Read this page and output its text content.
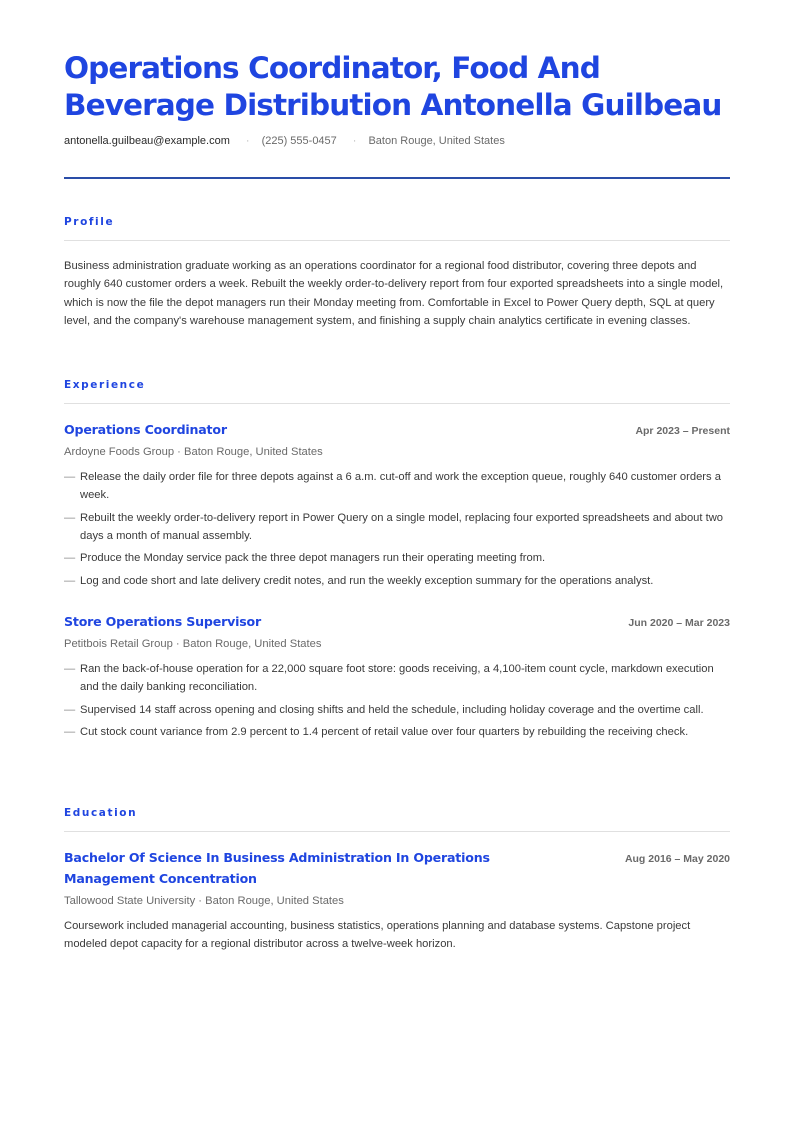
Operations Coordinator, Food And Beverage Distribution Antonella Guilbeau
antonella.guilbeau@example.com · (225) 555-0457 · Baton Rouge, United States
Profile

Business administration graduate working as an operations coordinator for a regional food distributor, covering three depots and roughly 640 customer orders a week. Rebuilt the weekly order-to-delivery report from four exported spreadsheets into a single model, which is now the file the depot managers run their Monday meeting from. Comfortable in Excel to Power Query depth, SQL at query level, and the company's warehouse management system, and finishing a supply chain analytics certificate in evening classes.

Experience
Operations Coordinator	Apr 2023 – Present
Ardoyne Foods Group · Baton Rouge, United States
— Release the daily order file for three depots against a 6 a.m. cut-off and work the exception queue, roughly 640 customer orders a week.
— Rebuilt the weekly order-to-delivery report in Power Query on a single model, replacing four exported spreadsheets and about two days a month of manual assembly.
— Produce the Monday service pack the three depot managers run their operating meeting from.
— Log and code short and late delivery credit notes, and run the weekly exception summary for the operations analyst.
Store Operations Supervisor	Jun 2020 – Mar 2023
Petitbois Retail Group · Baton Rouge, United States
— Ran the back-of-house operation for a 22,000 square foot store: goods receiving, a 4,100-item count cycle, markdown execution and the daily banking reconciliation.
— Supervised 14 staff across opening and closing shifts and held the schedule, including holiday coverage and the overtime call.
— Cut stock count variance from 2.9 percent to 1.4 percent of retail value over four quarters by rebuilding the receiving check.
Education
Bachelor Of Science In Business Administration In Operations Management Concentration
Aug 2016 – May 2020
Tallowood State University · Baton Rouge, United States

Coursework included managerial accounting, business statistics, operations planning and database systems. Capstone project modeled depot capacity for a regional distributor across a twelve-week horizon.
